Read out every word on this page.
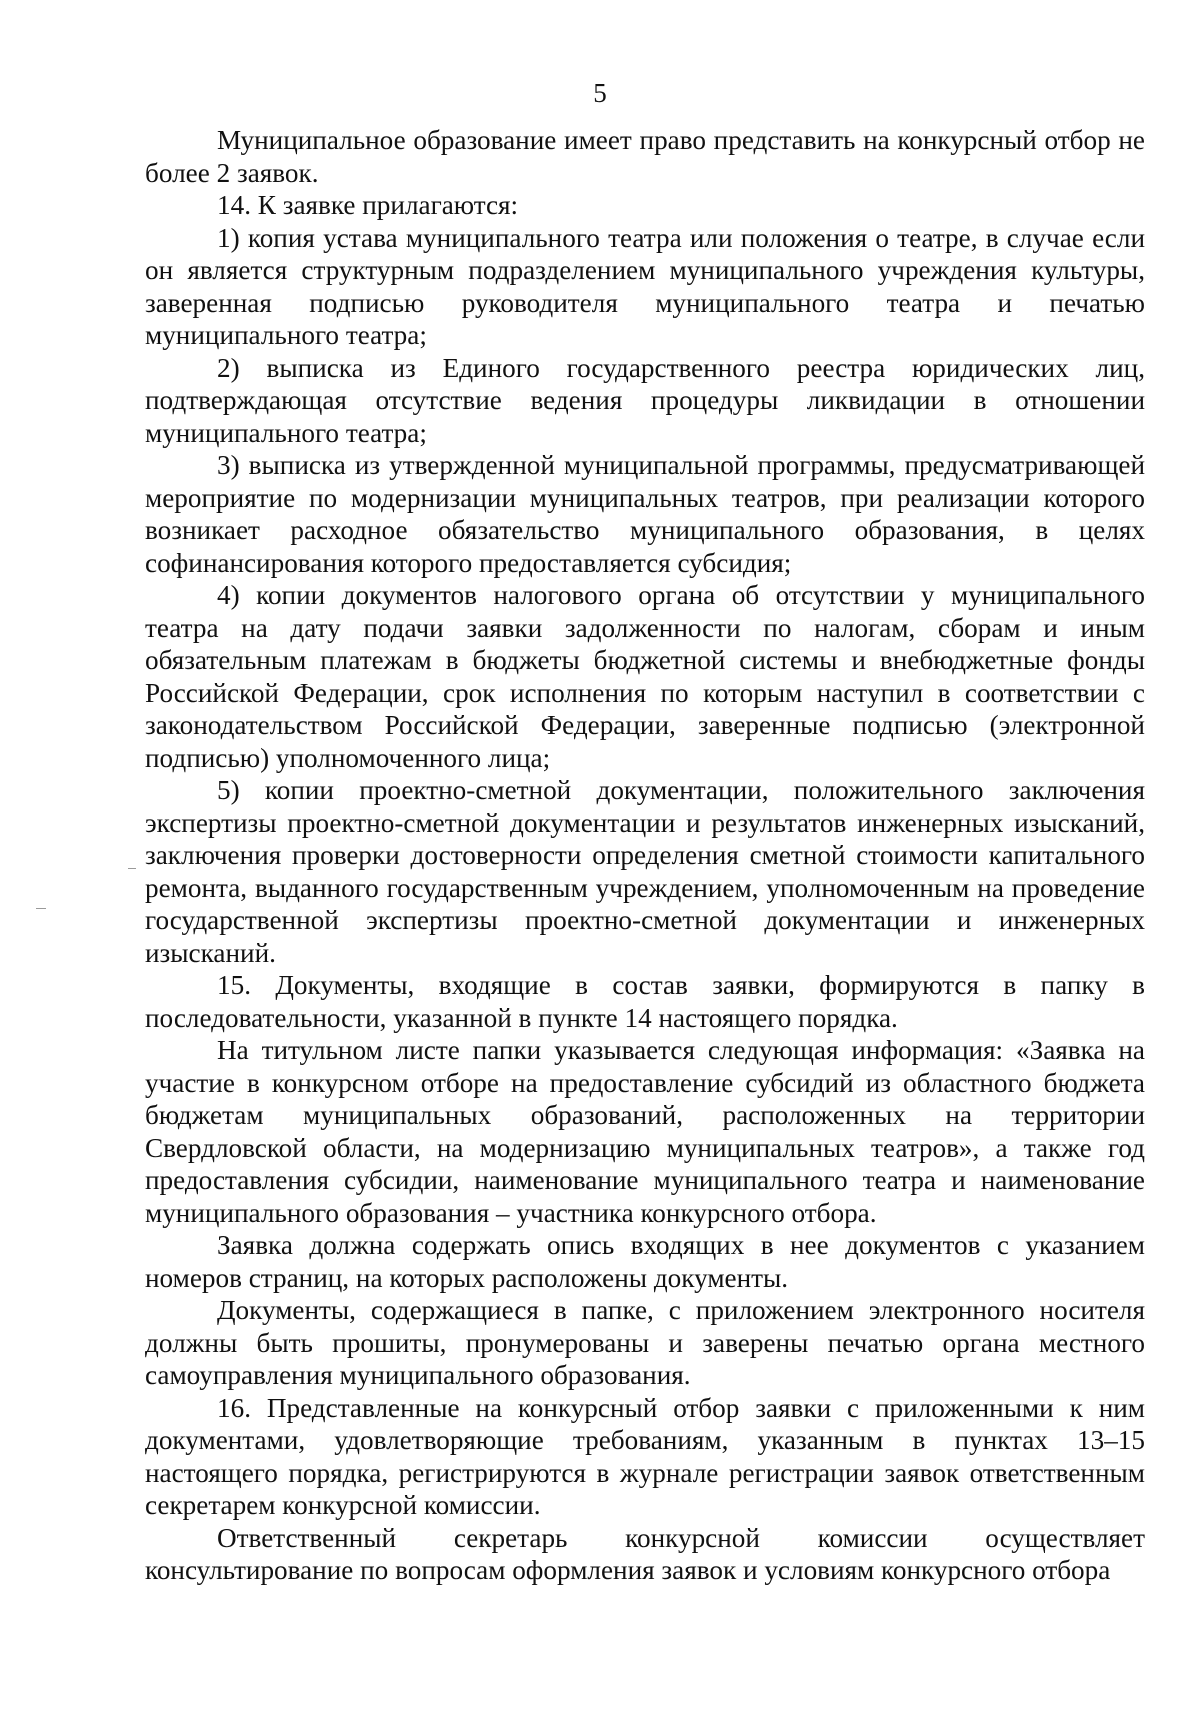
5

Муниципальное образование имеет право представить на конкурсный отбор не более 2 заявок.

14. К заявке прилагаются:

1) копия устава муниципального театра или положения о театре, в случае если он является структурным подразделением муниципального учреждения культуры, заверенная подписью руководителя муниципального театра и печатью муниципального театра;

2) выписка из Единого государственного реестра юридических лиц, подтверждающая отсутствие ведения процедуры ликвидации в отношении муниципального театра;

3) выписка из утвержденной муниципальной программы, предусматривающей мероприятие по модернизации муниципальных театров, при реализации которого возникает расходное обязательство муниципального образования, в целях софинансирования которого предоставляется субсидия;

4) копии документов налогового органа об отсутствии у муниципального театра на дату подачи заявки задолженности по налогам, сборам и иным обязательным платежам в бюджеты бюджетной системы и внебюджетные фонды Российской Федерации, срок исполнения по которым наступил в соответствии с законодательством Российской Федерации, заверенные подписью (электронной подписью) уполномоченного лица;

5) копии проектно-сметной документации, положительного заключения экспертизы проектно-сметной документации и результатов инженерных изысканий, заключения проверки достоверности определения сметной стоимости капитального ремонта, выданного государственным учреждением, уполномоченным на проведение государственной экспертизы проектно-сметной документации и инженерных изысканий.

15. Документы, входящие в состав заявки, формируются в папку в последовательности, указанной в пункте 14 настоящего порядка.

На титульном листе папки указывается следующая информация: «Заявка на участие в конкурсном отборе на предоставление субсидий из областного бюджета бюджетам муниципальных образований, расположенных на территории Свердловской области, на модернизацию муниципальных театров», а также год предоставления субсидии, наименование муниципального театра и наименование муниципального образования – участника конкурсного отбора.

Заявка должна содержать опись входящих в нее документов с указанием номеров страниц, на которых расположены документы.

Документы, содержащиеся в папке, с приложением электронного носителя должны быть прошиты, пронумерованы и заверены печатью органа местного самоуправления муниципального образования.

16. Представленные на конкурсный отбор заявки с приложенными к ним документами, удовлетворяющие требованиям, указанным в пунктах 13–15 настоящего порядка, регистрируются в журнале регистрации заявок ответственным секретарем конкурсной комиссии.

Ответственный секретарь конкурсной комиссии осуществляет консультирование по вопросам оформления заявок и условиям конкурсного отбора
